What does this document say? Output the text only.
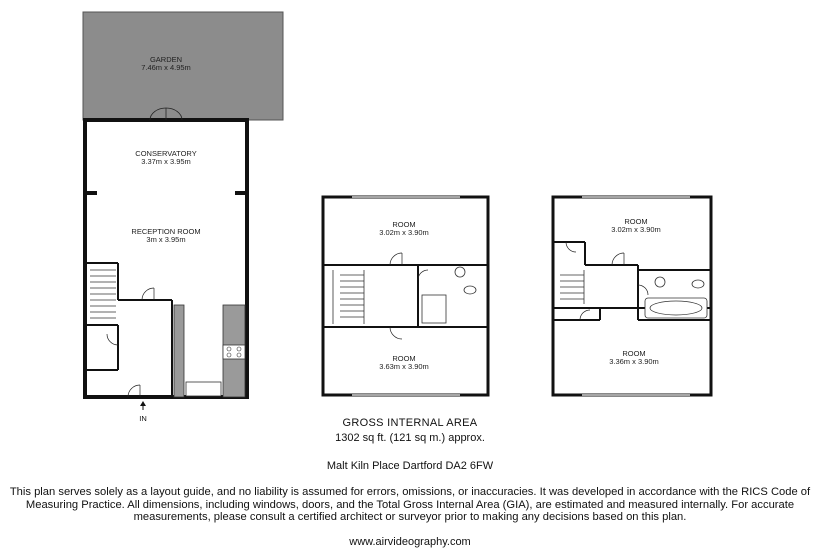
GARDEN
7.46m x 4.95m
CONSERVATORY
3.37m x 3.95m
RECEPTION ROOM
3m x 3.95m
ROOM
3.02m x 3.90m
ROOM
3.63m x 3.90m
ROOM
3.02m x 3.90m
ROOM
3.36m x 3.90m
IN	GROSS INTERNAL AREA
1302 sq ft. (121 sq m.) approx.
Malt Kiln Place Dartford DA2 6FW
This plan serves solely as a layout guide, and no liability is assumed for errors, omissions, or inaccuracies. It was developed in accordance with the RICS Code of Measuring Practice. All dimensions, including windows, doors, and the Total Gross Internal Area (GIA), are estimated and measured internally. For accurate measurements, please consult a certified architect or surveyor prior to making any decisions based on this plan.
www.airvideography.com
